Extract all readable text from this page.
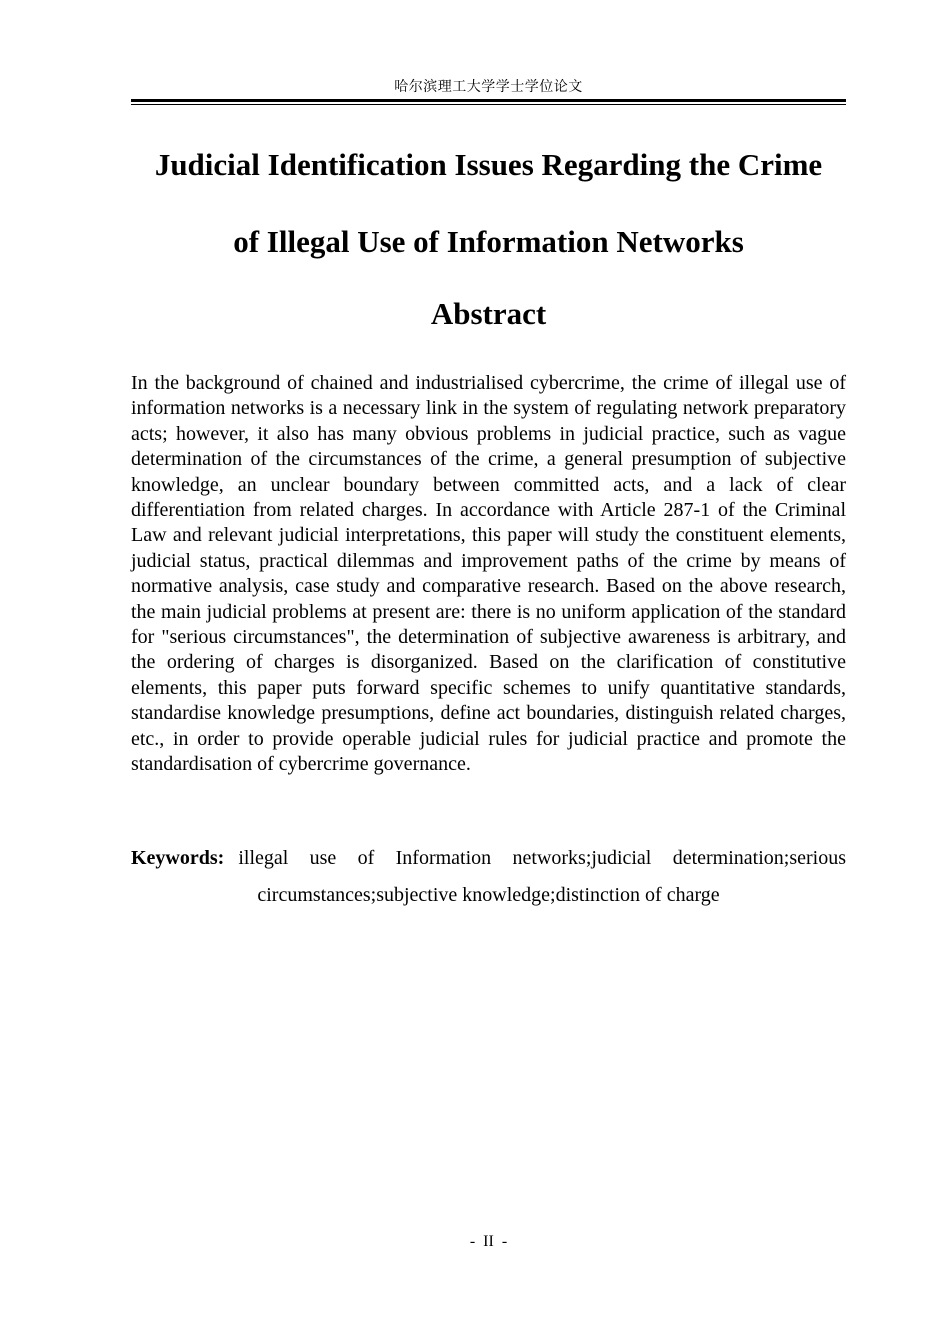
哈尔滨理工大学学士学位论文
Judicial Identification Issues Regarding the Crime
of Illegal Use of Information Networks
Abstract

In the background of chained and industrialised cybercrime, the crime of illegal use of information networks is a necessary link in the system of regulating network preparatory acts; however, it also has many obvious problems in judicial practice, such as vague determination of the circumstances of the crime, a general presumption of subjective knowledge, an unclear boundary between committed acts, and a lack of clear differentiation from related charges. In accordance with Article 287-1 of the Criminal Law and relevant judicial interpretations, this paper will study the constituent elements, judicial status, practical dilemmas and improvement paths of the crime by means of normative analysis, case study and comparative research. Based on the above research, the main judicial problems at present are: there is no uniform application of the standard for "serious circumstances", the determination of subjective awareness is arbitrary, and the ordering of charges is disorganized. Based on the clarification of constitutive elements, this paper puts forward specific schemes to unify quantitative standards, standardise knowledge presumptions, define act boundaries, distinguish related charges, etc., in order to provide operable judicial rules for judicial practice and promote the standardisation of cybercrime governance.

Keywords: illegal use of Information networks;judicial determination;serious
circumstances;subjective knowledge;distinction of charge
- II -
